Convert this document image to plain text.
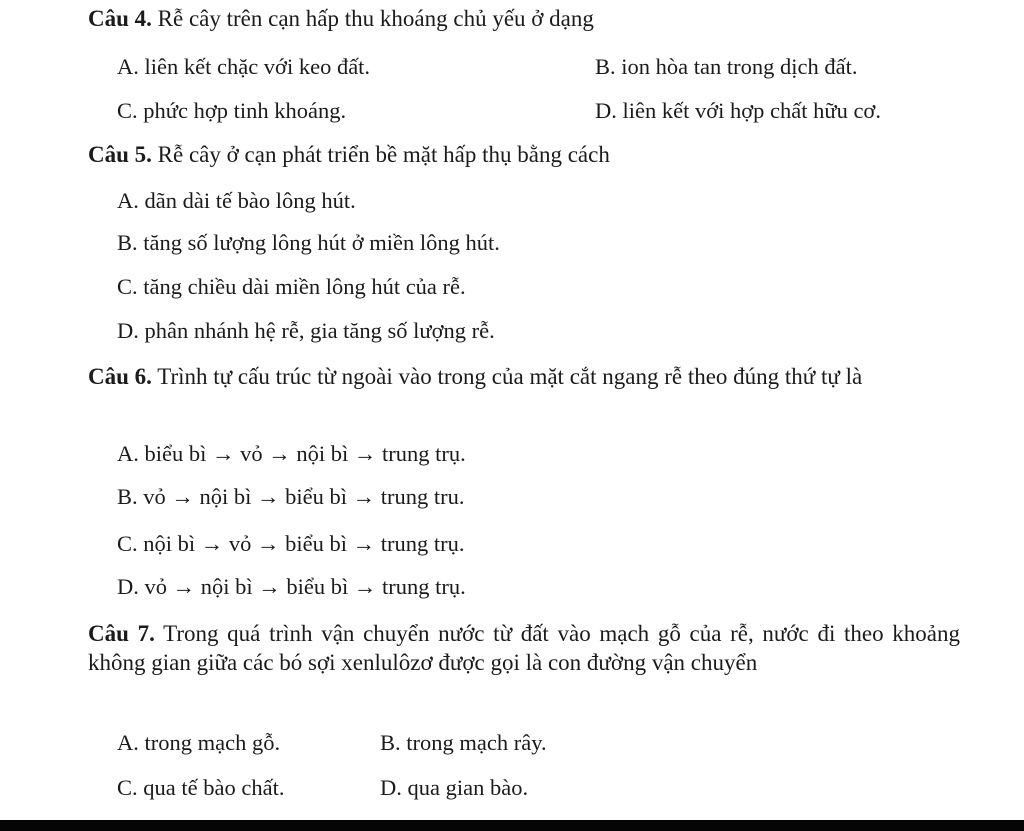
Câu 4. Rễ cây trên cạn hấp thu khoáng chủ yếu ở dạng
A. liên kết chặc với keo đất.	B. ion hòa tan trong dịch đất.
C. phức hợp tinh khoáng.	D. liên kết với hợp chất hữu cơ.
Câu 5. Rễ cây ở cạn phát triển bề mặt hấp thụ bằng cách
A. dãn dài tế bào lông hút.
B. tăng số lượng lông hút ở miền lông hút.
C. tăng chiều dài miền lông hút của rễ.
D. phân nhánh hệ rễ, gia tăng số lượng rễ.
Câu 6. Trình tự cấu trúc từ ngoài vào trong của mặt cắt ngang rễ theo đúng thứ tự là
A. biểu bì → vỏ → nội bì → trung trụ.
B. vỏ → nội bì → biểu bì → trung tru.
C. nội bì → vỏ → biểu bì → trung trụ.
D. vỏ → nội bì → biểu bì → trung trụ.
Câu 7. Trong quá trình vận chuyển nước từ đất vào mạch gỗ của rễ, nước đi theo khoảng không gian giữa các bó sợi xenlulôzơ được gọi là con đường vận chuyển
A. trong mạch gỗ.	B. trong mạch rây.
C. qua tế bào chất.	D. qua gian bào.
